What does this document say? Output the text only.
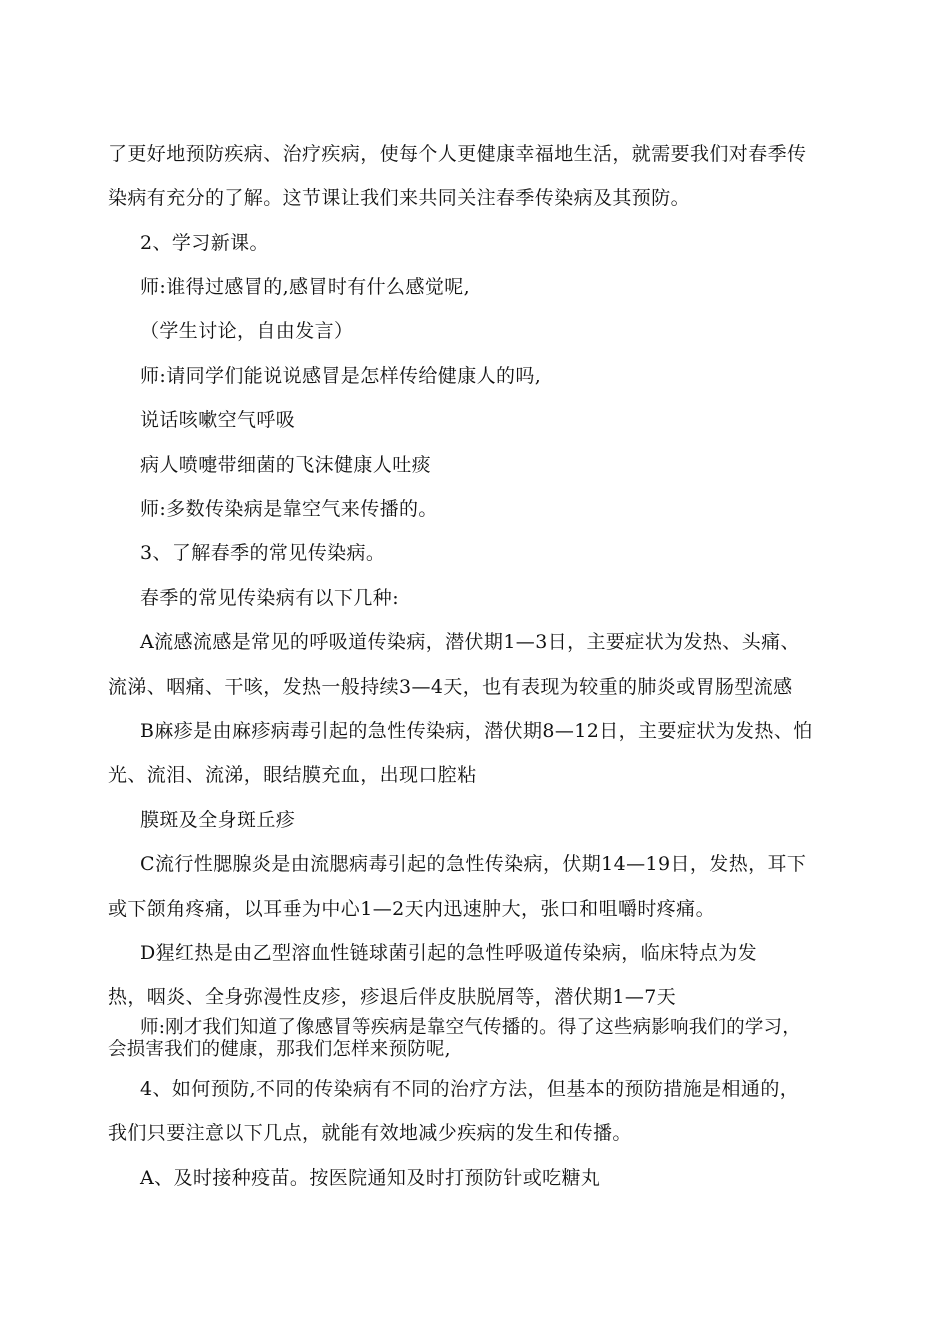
了更好地预防疾病、治疗疾病，使每个人更健康幸福地生活，就需要我们对春季传
染病有充分的了解。这节课让我们来共同关注春季传染病及其预防。
2、学习新课。
师:谁得过感冒的,感冒时有什么感觉呢,
（学生讨论，自由发言）
师:请同学们能说说感冒是怎样传给健康人的吗,
说话咳嗽空气呼吸
病人喷嚏带细菌的飞沫健康人吐痰
师:多数传染病是靠空气来传播的。
3、了解春季的常见传染病。
春季的常见传染病有以下几种:
A流感流感是常见的呼吸道传染病，潜伏期1—3日，主要症状为发热、头痛、
流涕、咽痛、干咳，发热一般持续3—4天，也有表现为较重的肺炎或胃肠型流感
B麻疹是由麻疹病毒引起的急性传染病，潜伏期8—12日，主要症状为发热、怕
光、流泪、流涕，眼结膜充血，出现口腔粘
膜斑及全身斑丘疹
C流行性腮腺炎是由流腮病毒引起的急性传染病，伏期14—19日，发热，耳下
或下颌角疼痛，以耳垂为中心1—2天内迅速肿大，张口和咀嚼时疼痛。
D猩红热是由乙型溶血性链球菌引起的急性呼吸道传染病，临床特点为发
热，咽炎、全身弥漫性皮疹，疹退后伴皮肤脱屑等，潜伏期1—7天
师:刚才我们知道了像感冒等疾病是靠空气传播的。得了这些病影响我们的学习，
会损害我们的健康，那我们怎样来预防呢,
4、如何预防,不同的传染病有不同的治疗方法，但基本的预防措施是相通的，
我们只要注意以下几点，就能有效地减少疾病的发生和传播。
A、及时接种疫苗。按医院通知及时打预防针或吃糖丸
